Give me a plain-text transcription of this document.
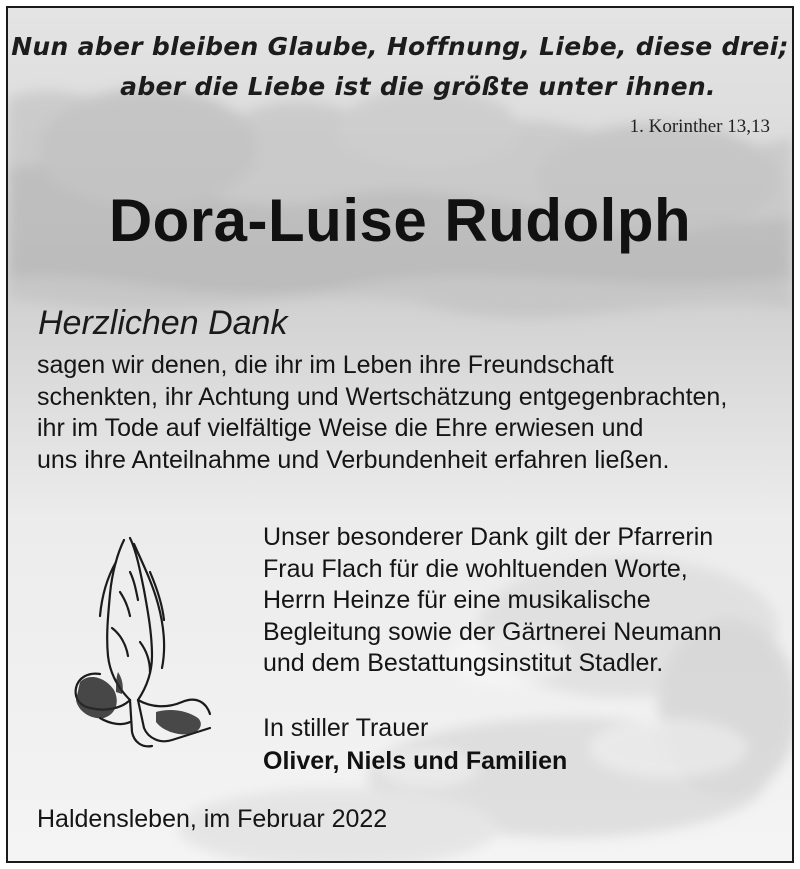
Nun aber bleiben Glaube, Hoffnung, Liebe, diese drei;
aber die Liebe ist die größte unter ihnen.
1. Korinther 13,13
Dora-Luise Rudolph
Herzlichen Dank
sagen wir denen, die ihr im Leben ihre Freundschaft
schenkten, ihr Achtung und Wertschätzung entgegenbrachten,
ihr im Tode auf vielfältige Weise die Ehre erwiesen und
uns ihre Anteilnahme und Verbundenheit erfahren ließen.
Unser besonderer Dank gilt der Pfarrerin
Frau Flach für die wohltuenden Worte,
Herrn Heinze für eine musikalische
Begleitung sowie der Gärtnerei Neumann
und dem Bestattungsinstitut Stadler.
In stiller Trauer
Oliver, Niels und Familien
Haldensleben, im Februar 2022
